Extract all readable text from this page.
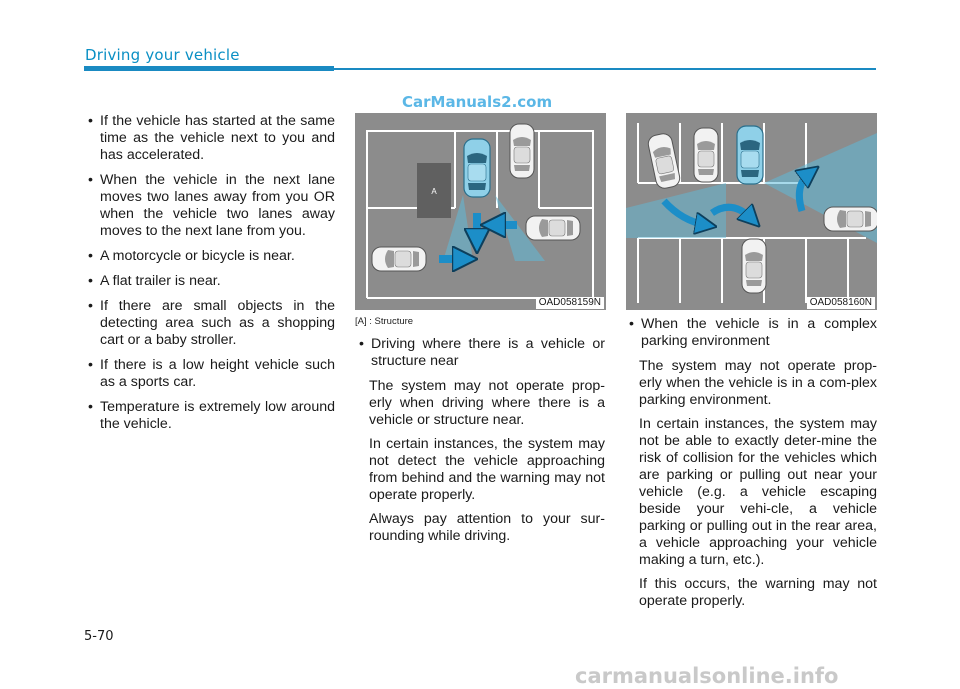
Driving your vehicle
CarManuals2.com
• If the vehicle has started at the same time as the vehicle next to you and has accelerated.
• When the vehicle in the next lane moves two lanes away from you OR when the vehicle two lanes away moves to the next lane from you.
• A motorcycle or bicycle is near.
• A flat trailer is near.
• If there are small objects in the detecting area such as a shopping cart or a baby stroller.
• If there is a low height vehicle such as a sports car.
• Temperature is extremely low around the vehicle.
A
OAD058159N
[A] : Structure
OAD058160N
• Driving where there is a vehicle or structure near

The system may not operate prop-erly when driving where there is a vehicle or structure near.

In certain instances, the system may not detect the vehicle approaching from behind and the warning may not operate properly.

Always pay attention to your sur-rounding while driving.

• When the vehicle is in a complex parking environment

The system may not operate prop-erly when the vehicle is in a com-plex parking environment.

In certain instances, the system may not be able to exactly deter-mine the risk of collision for the vehicles which are parking or pulling out near your vehicle (e.g. a vehicle escaping beside your vehi-cle, a vehicle parking or pulling out in the rear area, a vehicle approaching your vehicle making a turn, etc.).

If this occurs, the warning may not operate properly.

5-70
carmanualsonline.info
